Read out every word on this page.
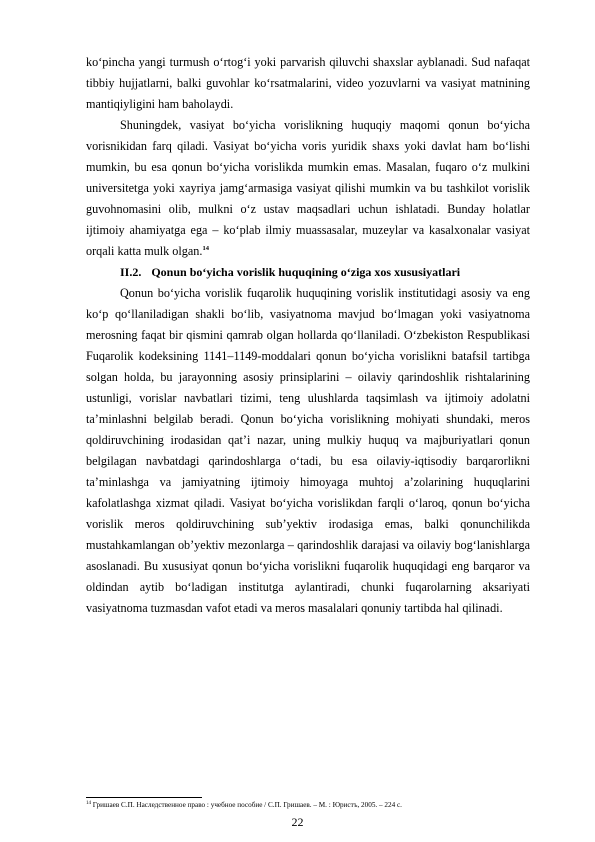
koʻpincha yangi turmush oʻrtogʻi yoki parvarish qiluvchi shaxslar ayblanadi. Sud nafaqat tibbiy hujjatlarni, balki guvohlar koʻrsatmalarini, video yozuvlarni va vasiyat matnining mantiqiyligini ham baholaydi.

Shuningdek, vasiyat boʻyicha vorislikning huquqiy maqomi qonun boʻyicha vorisnikidan farq qiladi. Vasiyat boʻyicha voris yuridik shaxs yoki davlat ham boʻlishi mumkin, bu esa qonun boʻyicha vorislikda mumkin emas. Masalan, fuqaro oʻz mulkini universitetga yoki xayriya jamgʻarmasiga vasiyat qilishi mumkin va bu tashkilot vorislik guvohnomasini olib, mulkni oʻz ustav maqsadlari uchun ishlatadi. Bunday holatlar ijtimoiy ahamiyatga ega – koʻplab ilmiy muassasalar, muzeylar va kasalxonalar vasiyat orqali katta mulk olgan.$^{14}$

II.2. Qonun boʻyicha vorislik huquqining oʻziga xos xususiyatlari

Qonun boʻyicha vorislik fuqarolik huquqining vorislik institutidagi asosiy va eng koʻp qoʻllaniladigan shakli boʻlib, vasiyatnoma mavjud boʻlmagan yoki vasiyatnoma merosning faqat bir qismini qamrab olgan hollarda qoʻllaniladi. Oʻzbekiston Respublikasi Fuqarolik kodeksining 1141–1149-moddalari qonun boʻyicha vorislikni batafsil tartibga solgan holda, bu jarayonning asosiy prinsiplarini – oilaviy qarindoshlik rishtalarining ustunligi, vorislar navbatlari tizimi, teng ulushlarda taqsimlash va ijtimoiy adolatni taʼminlashni belgilab beradi. Qonun boʻyicha vorislikning mohiyati shundaki, meros qoldiruvchining irodasidan qatʼi nazar, uning mulkiy huquq va majburiyatlari qonun belgilagan navbatdagi qarindoshlarga oʻtadi, bu esa oilaviy-iqtisodiy barqarorlikni taʼminlashga va jamiyatning ijtimoiy himoyaga muhtoj aʼzolarining huquqlarini kafolatlashga xizmat qiladi. Vasiyat boʻyicha vorislikdan farqli oʻlaroq, qonun boʻyicha vorislik meros qoldiruvchining subʼyektiv irodasiga emas, balki qonunchilikda mustahkamlangan obʼyektiv mezonlarga – qarindoshlik darajasi va oilaviy bogʻlanishlarga asoslanadi. Bu xususiyat qonun boʻyicha vorislikni fuqarolik huquqidagi eng barqaror va oldindan aytib boʻladigan institutga aylantiradi, chunki fuqarolarning aksariyati vasiyatnoma tuzmasdan vafot etadi va meros masalalari qonuniy tartibda hal qilinadi.

$^{14}$ Гришаев С.П. Наследственное право : учебное пособие / С.П. Гришаев. – М. : Юристъ, 2005. – 224 с.
22
